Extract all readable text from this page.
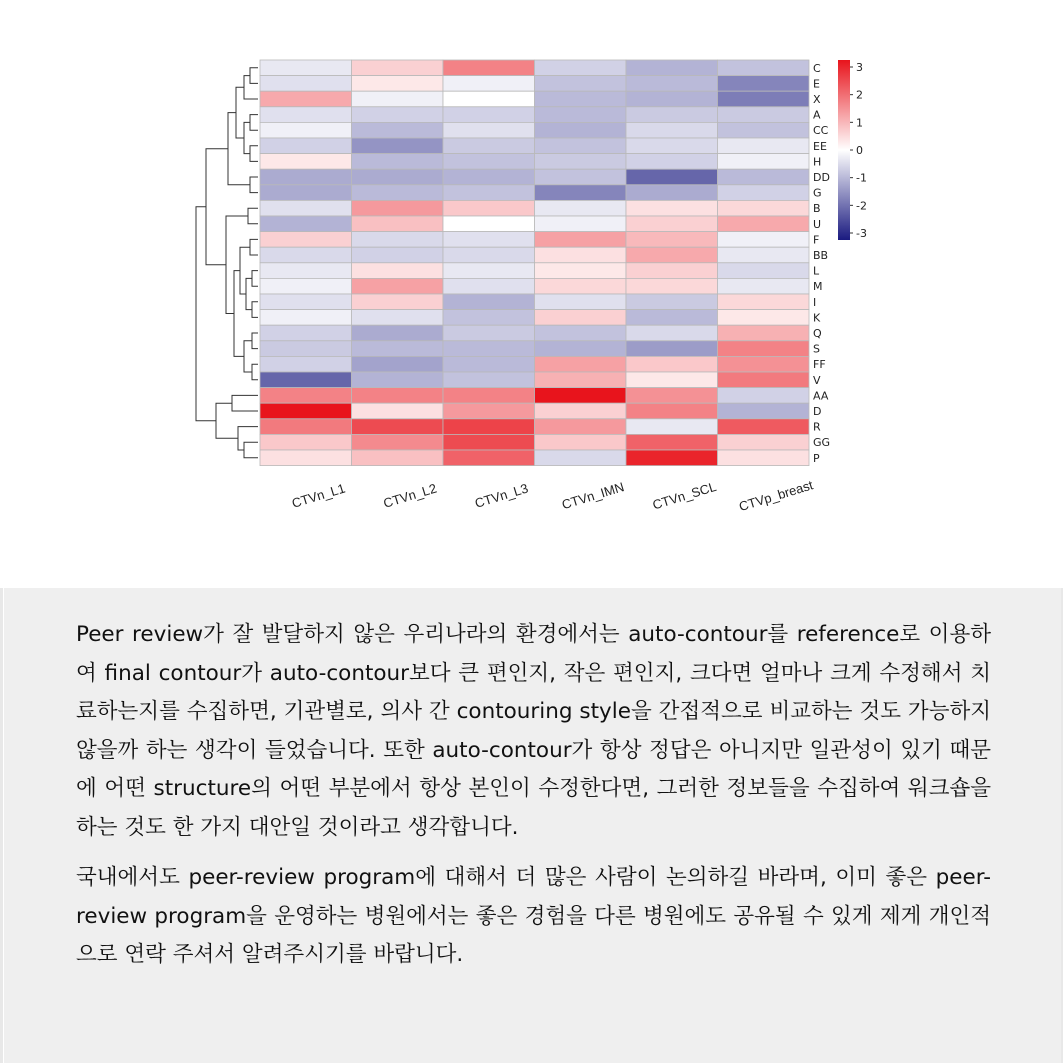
C
E
X
A
CC
EE
H
DD
G
B
U
F
BB
L
M
I
K
Q
S
FF
V
AA
D
R
GG
P
CTVn_L1	CTVn_L2	CTVn_L3 CTVn_IMN CTVn_SCL CTVp_breast
3
2
1
0
-1
-2
-3

Peer review가 잘 발달하지 않은 우리나라의 환경에서는 auto-contour를 reference로 이용하여 final contour가 auto-contour보다 큰 편인지, 작은 편인지, 크다면 얼마나 크게 수정해서 치료하는지를 수집하면, 기관별로, 의사 간 contouring style을 간접적으로 비교하는 것도 가능하지 않을까 하는 생각이 들었습니다. 또한 auto-contour가 항상 정답은 아니지만 일관성이 있기 때문에 어떤 structure의 어떤 부분에서 항상 본인이 수정한다면, 그러한 정보들을 수집하여 워크숍을 하는 것도 한 가지 대안일 것이라고 생각합니다.

국내에서도 peer-review program에 대해서 더 많은 사람이 논의하길 바라며, 이미 좋은 peer-review program을 운영하는 병원에서는 좋은 경험을 다른 병원에도 공유될 수 있게 제게 개인적으로 연락 주셔서 알려주시기를 바랍니다.
